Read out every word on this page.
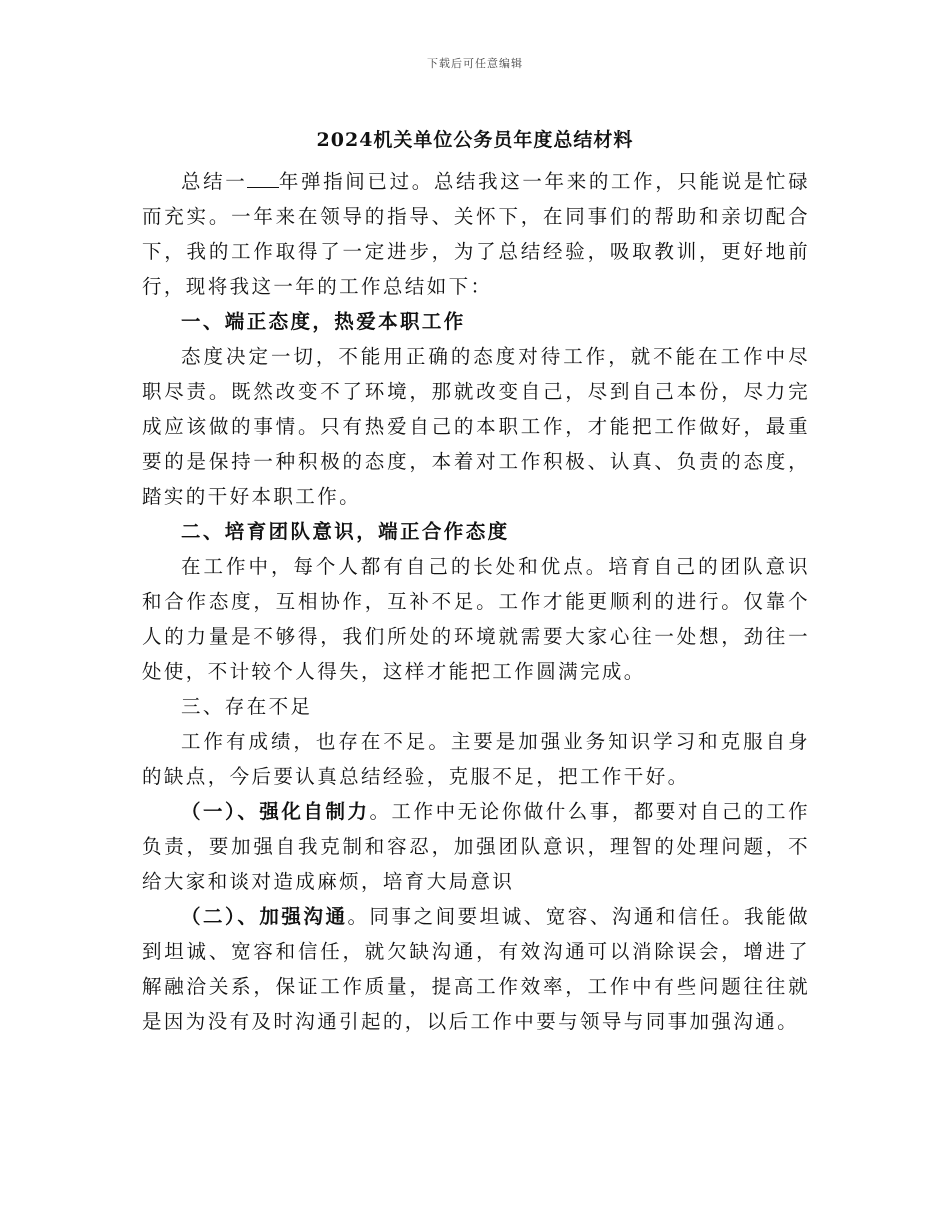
下载后可任意编辑
2024机关单位公务员年度总结材料

总结一 年弹指间已过。总结我这一年来的工作，只能说是忙碌而充实。一年来在领导的指导、关怀下，在同事们的帮助和亲切配合下，我的工作取得了一定进步，为了总结经验，吸取教训，更好地前行，现将我这一年的工作总结如下：

一、端正态度，热爱本职工作

态度决定一切，不能用正确的态度对待工作，就不能在工作中尽职尽责。既然改变不了环境，那就改变自己，尽到自己本份，尽力完成应该做的事情。只有热爱自己的本职工作，才能把工作做好，最重要的是保持一种积极的态度，本着对工作积极、认真、负责的态度，踏实的干好本职工作。

二、培育团队意识，端正合作态度

在工作中，每个人都有自己的长处和优点。培育自己的团队意识和合作态度，互相协作，互补不足。工作才能更顺利的进行。仅靠个人的力量是不够得，我们所处的环境就需要大家心往一处想，劲往一处使，不计较个人得失，这样才能把工作圆满完成。

三、存在不足

工作有成绩，也存在不足。主要是加强业务知识学习和克服自身的缺点，今后要认真总结经验，克服不足，把工作干好。

（一）、强化自制力。工作中无论你做什么事，都要对自己的工作负责，要加强自我克制和容忍，加强团队意识，理智的处理问题，不给大家和谈对造成麻烦，培育大局意识

（二）、加强沟通。同事之间要坦诚、宽容、沟通和信任。我能做到坦诚、宽容和信任，就欠缺沟通，有效沟通可以消除误会，增进了解融洽关系，保证工作质量，提高工作效率，工作中有些问题往往就是因为没有及时沟通引起的，以后工作中要与领导与同事加强沟通。
